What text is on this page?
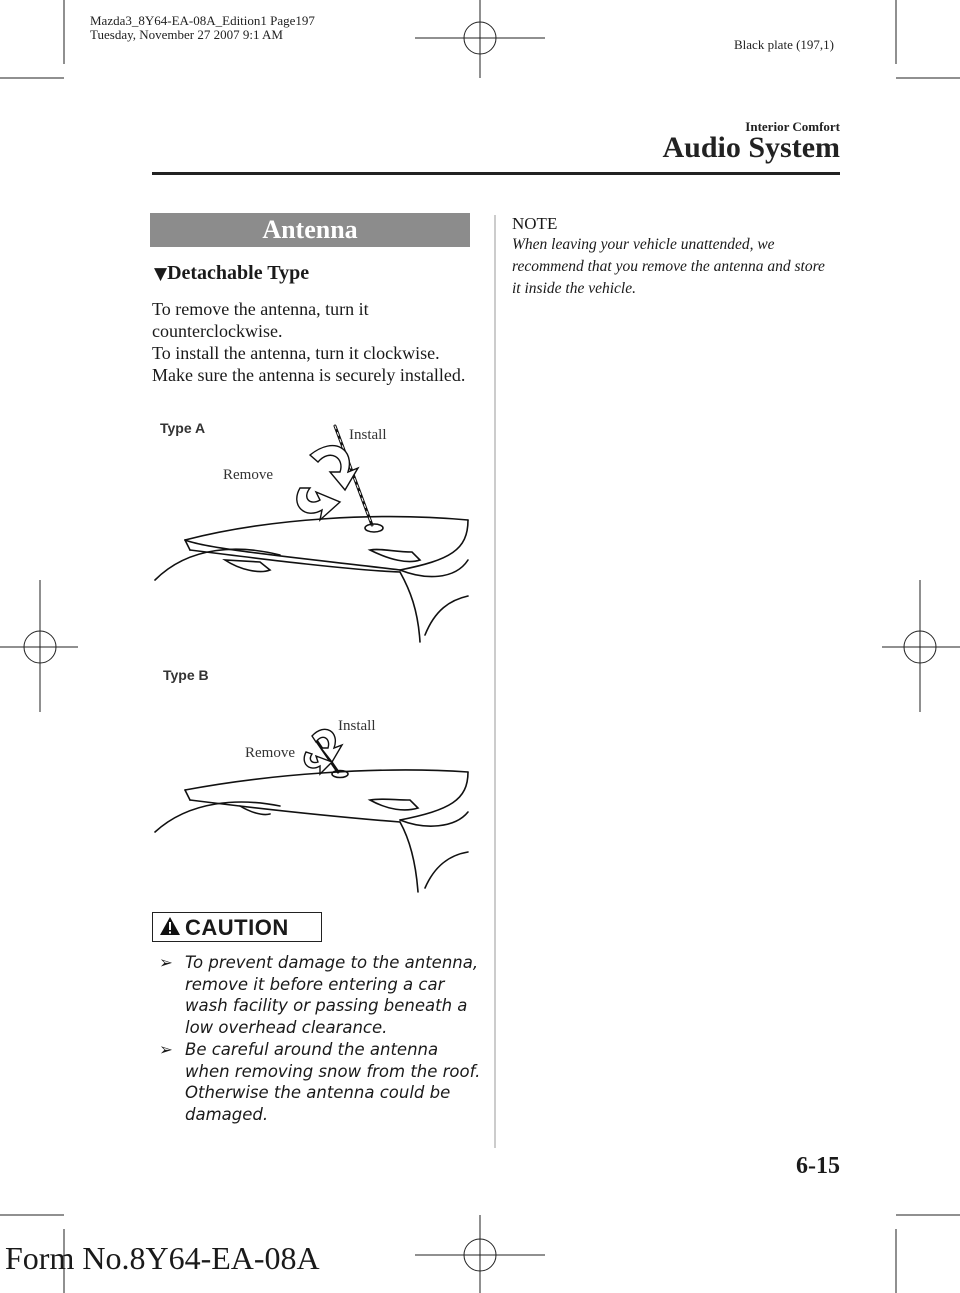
Mazda3_8Y64-EA-08A_Edition1 Page197
Tuesday, November 27 2007 9:1 AM
Black plate (197,1)
Interior Comfort
Audio System
Antenna
▼Detachable Type
To remove the antenna, turn it counterclockwise.
To install the antenna, turn it clockwise.
Make sure the antenna is securely installed.
Type A	Install
Remove
Type B
Install
Remove
CAUTION
➢ To prevent damage to the antenna, remove it before entering a car wash facility or passing beneath a low overhead clearance.
➢ Be careful around the antenna when removing snow from the roof. Otherwise the antenna could be damaged.
NOTE
When leaving your vehicle unattended, we recommend that you remove the antenna and store it inside the vehicle.
6-15
Form No.8Y64-EA-08A
